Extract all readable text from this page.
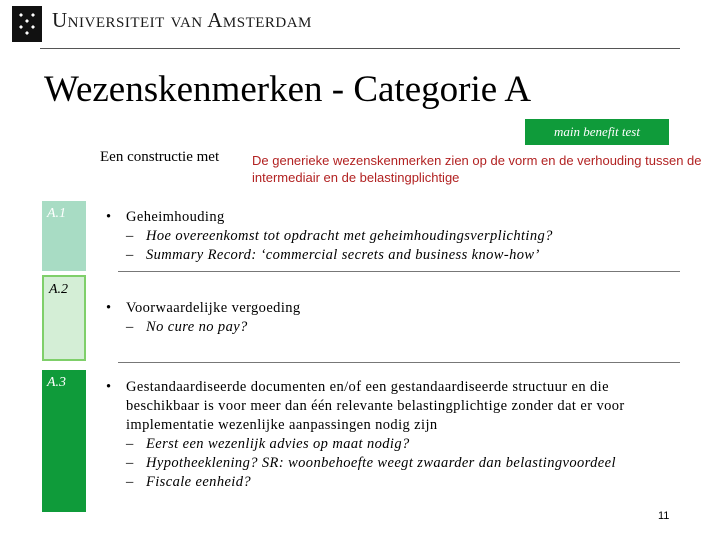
Universiteit van Amsterdam
Wezenskenmerken - Categorie A
main benefit test
Een constructie met	De generieke wezenskenmerken zien op de vorm en de verhouding tussen de intermediair en de belastingplichtige
A.1
A.2
A.3
• Geheimhouding
– Hoe overeenkomst tot opdracht met geheimhoudingsverplichting?
– Summary Record: ‘commercial secrets and business know-how’
• Voorwaardelijke vergoeding
– No cure no pay?
• Gestandaardiseerde documenten en/of een gestandaardiseerde structuur en die
beschikbaar is voor meer dan één relevante belastingplichtige zonder dat er voor
implementatie wezenlijke aanpassingen nodig zijn
– Eerst een wezenlijk advies op maat nodig?
– Hypotheeklening? SR: woonbehoefte weegt zwaarder dan belastingvoordeel
– Fiscale eenheid?
11
